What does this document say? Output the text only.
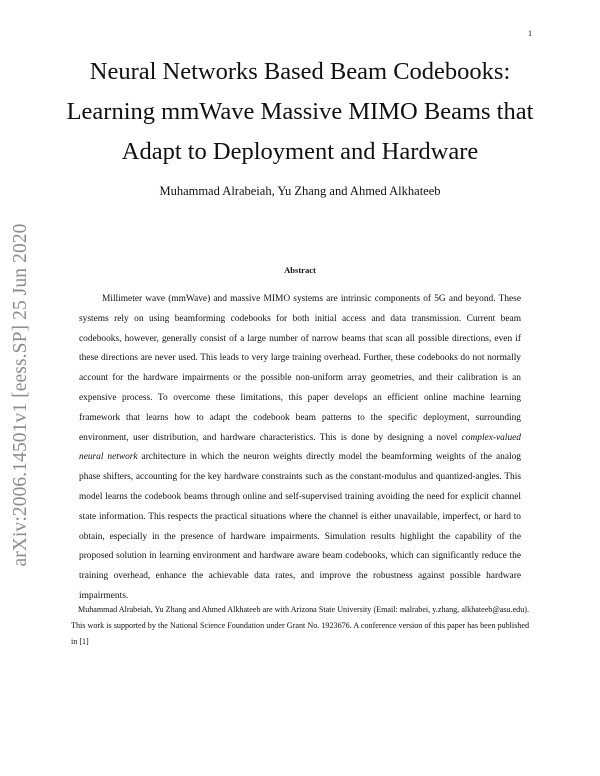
1
arXiv:2006.14501v1 [eess.SP] 25 Jun 2020
Neural Networks Based Beam Codebooks:
Learning mmWave Massive MIMO Beams that
Adapt to Deployment and Hardware
Muhammad Alrabeiah, Yu Zhang and Ahmed Alkhateeb
Abstract

Millimeter wave (mmWave) and massive MIMO systems are intrinsic components of 5G and beyond. These systems rely on using beamforming codebooks for both initial access and data transmission. Current beam codebooks, however, generally consist of a large number of narrow beams that scan all possible directions, even if these directions are never used. This leads to very large training overhead. Further, these codebooks do not normally account for the hardware impairments or the possible non-uniform array geometries, and their calibration is an expensive process. To overcome these limitations, this paper develops an efficient online machine learning framework that learns how to adapt the codebook beam patterns to the specific deployment, surrounding environment, user distribution, and hardware characteristics. This is done by designing a novel complex-valued neural network architecture in which the neuron weights directly model the beamforming weights of the analog phase shifters, accounting for the key hardware constraints such as the constant-modulus and quantized-angles. This model learns the codebook beams through online and self-supervised training avoiding the need for explicit channel state information. This respects the practical situations where the channel is either unavailable, imperfect, or hard to obtain, especially in the presence of hardware impairments. Simulation results highlight the capability of the proposed solution in learning environment and hardware aware beam codebooks, which can significantly reduce the training overhead, enhance the achievable data rates, and improve the robustness against possible hardware impairments.

Muhammad Alrabeiah, Yu Zhang and Ahmed Alkhateeb are with Arizona State University (Email: malrabei, y.zhang, alkhateeb@asu.edu). This work is supported by the National Science Foundation under Grant No. 1923676. A conference version of this paper has been published in [1]
